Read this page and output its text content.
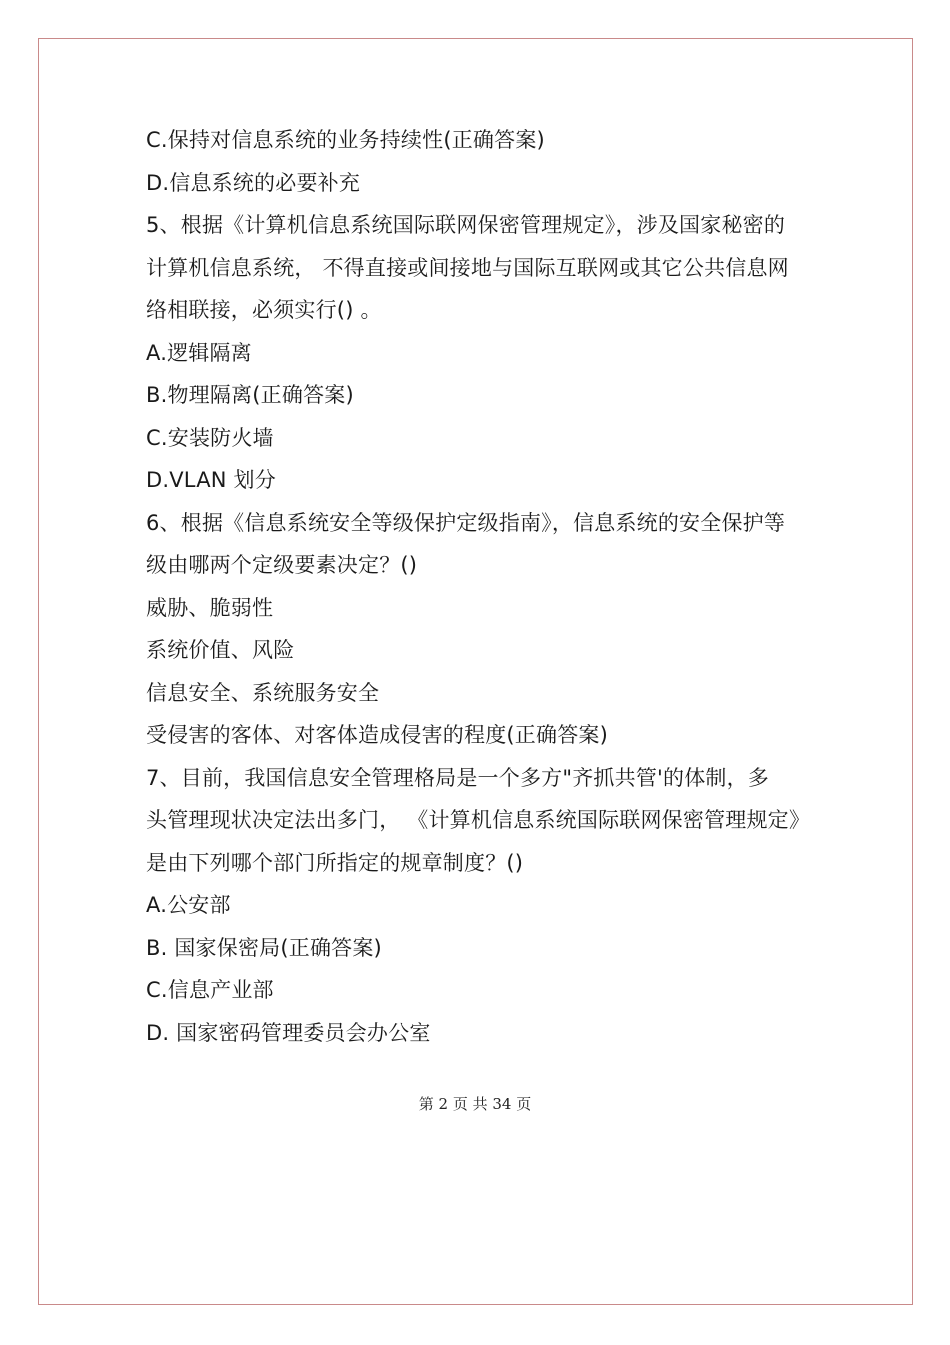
C.保持对信息系统的业务持续性(正确答案)
D.信息系统的必要补充
5、根据《计算机信息系统国际联网保密管理规定》，涉及国家秘密的
计算机信息系统， 不得直接或间接地与国际互联网或其它公共信息网
络相联接，必须实行() 。
A.逻辑隔离
B.物理隔离(正确答案)
C.安装防火墙
D.VLAN 划分
6、根据《信息系统安全等级保护定级指南》，信息系统的安全保护等
级由哪两个定级要素决定？()
威胁、脆弱性
系统价值、风险
信息安全、系统服务安全
受侵害的客体、对客体造成侵害的程度(正确答案)
7、目前，我国信息安全管理格局是一个多方"齐抓共管'的体制，多
头管理现状决定法出多门， 《计算机信息系统国际联网保密管理规定》
是由下列哪个部门所指定的规章制度？()
A.公安部
B. 国家保密局(正确答案)
C.信息产业部
D. 国家密码管理委员会办公室
第 2 页 共 34 页
